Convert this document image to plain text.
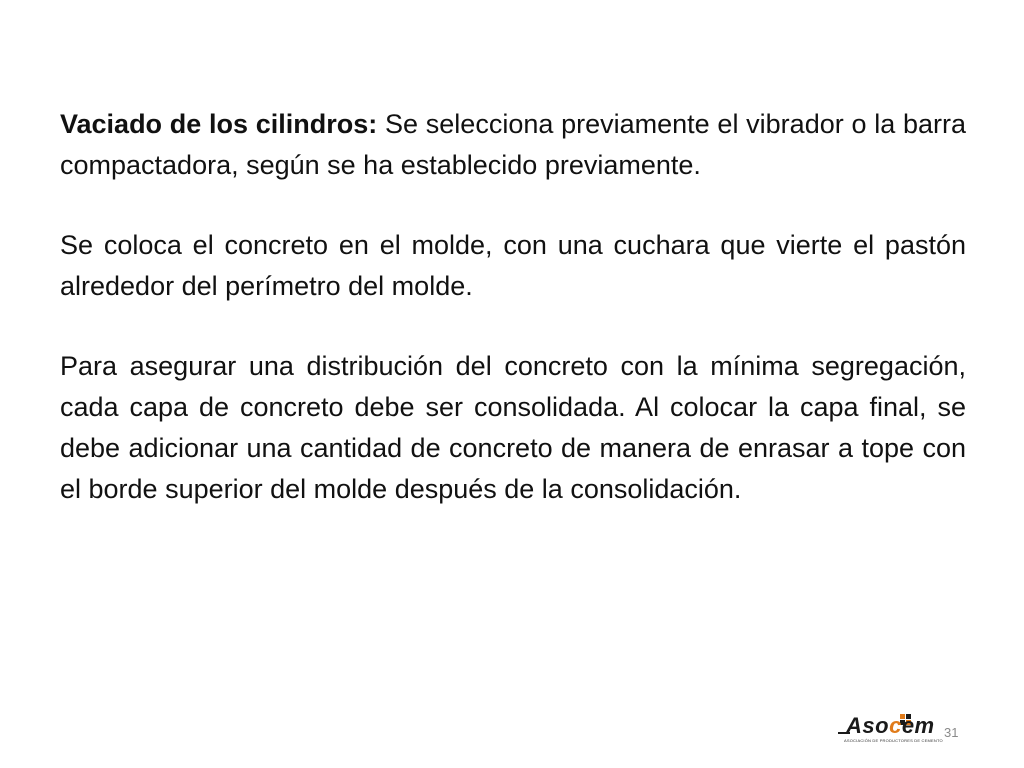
Vaciado de los cilindros: Se selecciona previamente el vibrador o la barra compactadora, según se ha establecido previamente.

Se coloca el concreto en el molde, con una cuchara que vierte el pastón alrededor del perímetro del molde.

Para asegurar una distribución del concreto con la mínima segregación, cada capa de concreto debe ser consolidada. Al colocar la capa final, se debe adicionar una cantidad de concreto de manera de enrasar a tope con el borde superior del molde después de la consolidación.

Asocem
ASOCIACIÓN DE PRODUCTORES DE CEMENTO
31
